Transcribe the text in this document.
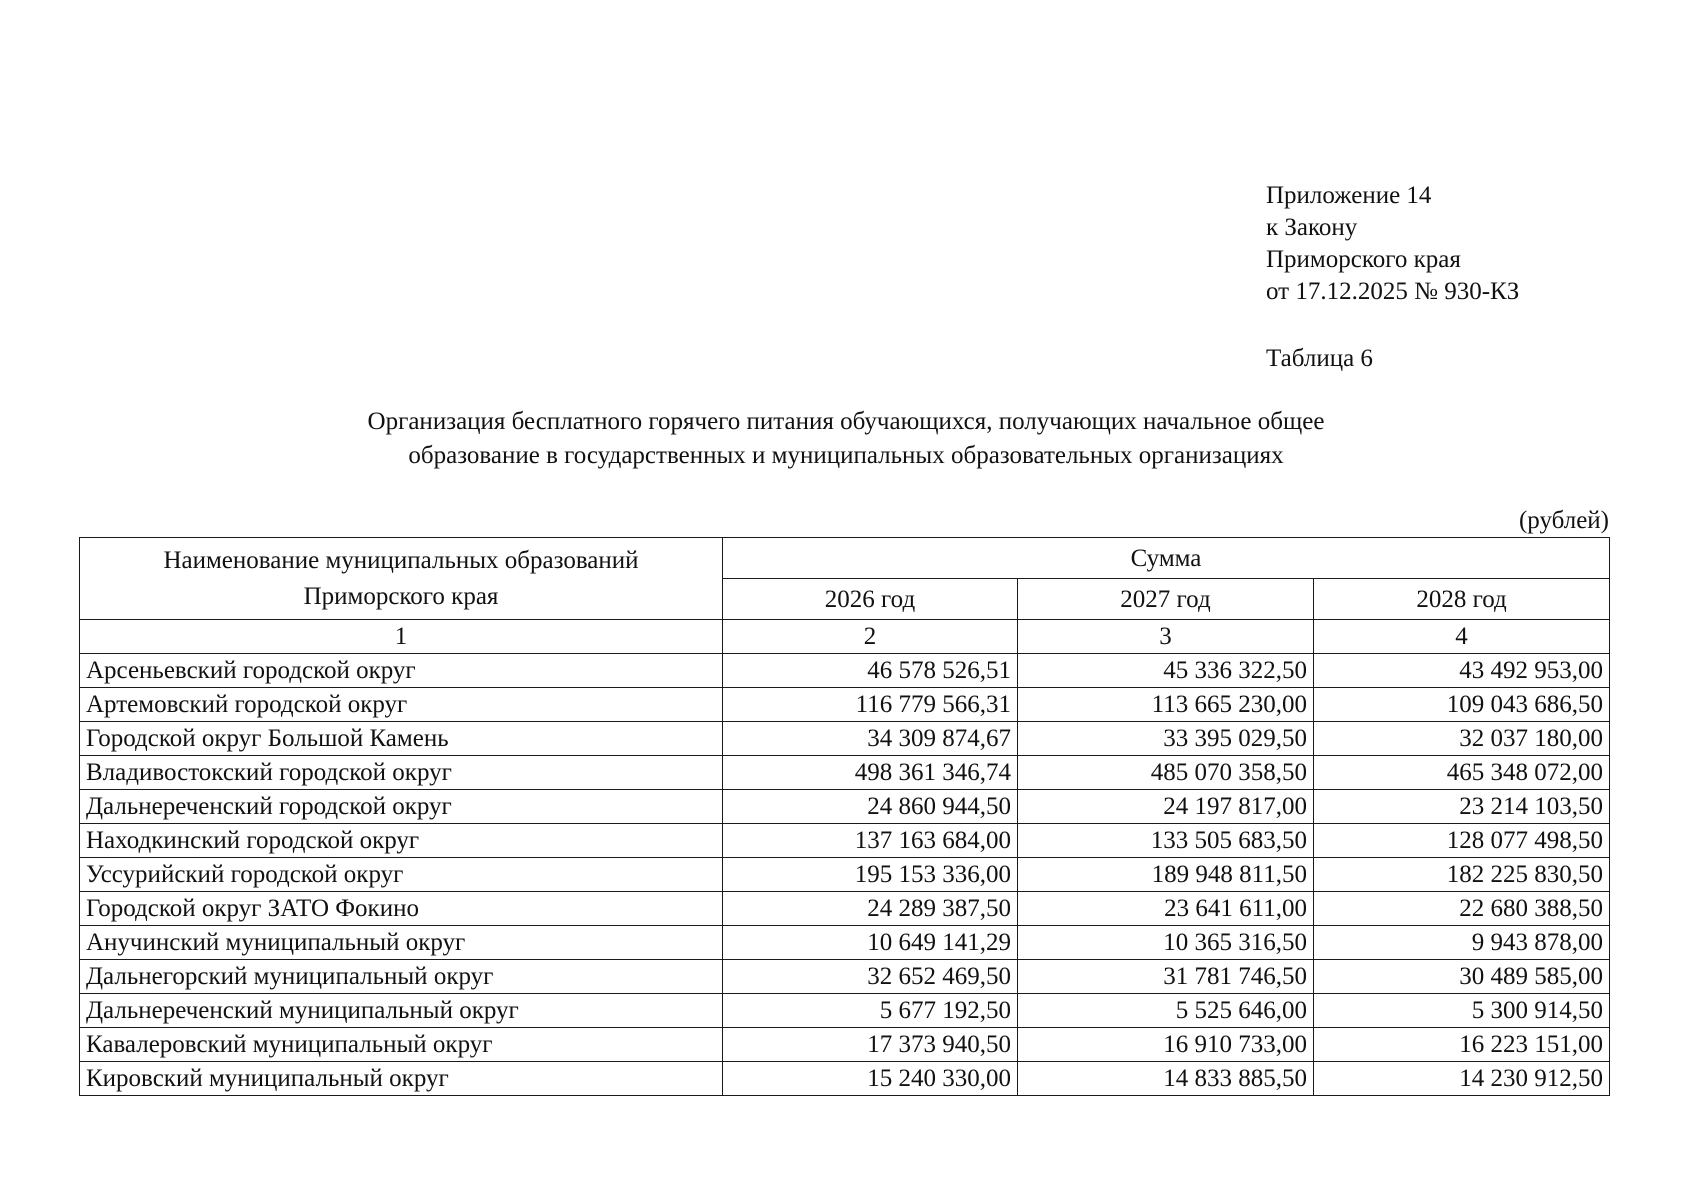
Приложение 14
к Закону
Приморского края
от 17.12.2025 № 930-КЗ
Таблица 6
Организация бесплатного горячего питания обучающихся, получающих начальное общее
образование в государственных и муниципальных образовательных организациях
(рублей)
Наименование муниципальных образований
Приморского края	Сумма		
	2026 год	2027 год	2028 год
1	2	3	4
Арсеньевский городской округ	46 578 526,51	45 336 322,50	43 492 953,00
Артемовский городской округ	116 779 566,31	113 665 230,00	109 043 686,50
Городской округ Большой Камень	34 309 874,67	33 395 029,50	32 037 180,00
Владивостокский городской округ	498 361 346,74	485 070 358,50	465 348 072,00
Дальнереченский городской округ	24 860 944,50	24 197 817,00	23 214 103,50
Находкинский городской округ	137 163 684,00	133 505 683,50	128 077 498,50
Уссурийский городской округ	195 153 336,00	189 948 811,50	182 225 830,50
Городской округ ЗАТО Фокино	24 289 387,50	23 641 611,00	22 680 388,50
Анучинский муниципальный округ	10 649 141,29	10 365 316,50	9 943 878,00
Дальнегорский муниципальный округ	32 652 469,50	31 781 746,50	30 489 585,00
Дальнереченский муниципальный округ	5 677 192,50	5 525 646,00	5 300 914,50
Кавалеровский муниципальный округ	17 373 940,50	16 910 733,00	16 223 151,00
Кировский муниципальный округ	15 240 330,00	14 833 885,50	14 230 912,50
